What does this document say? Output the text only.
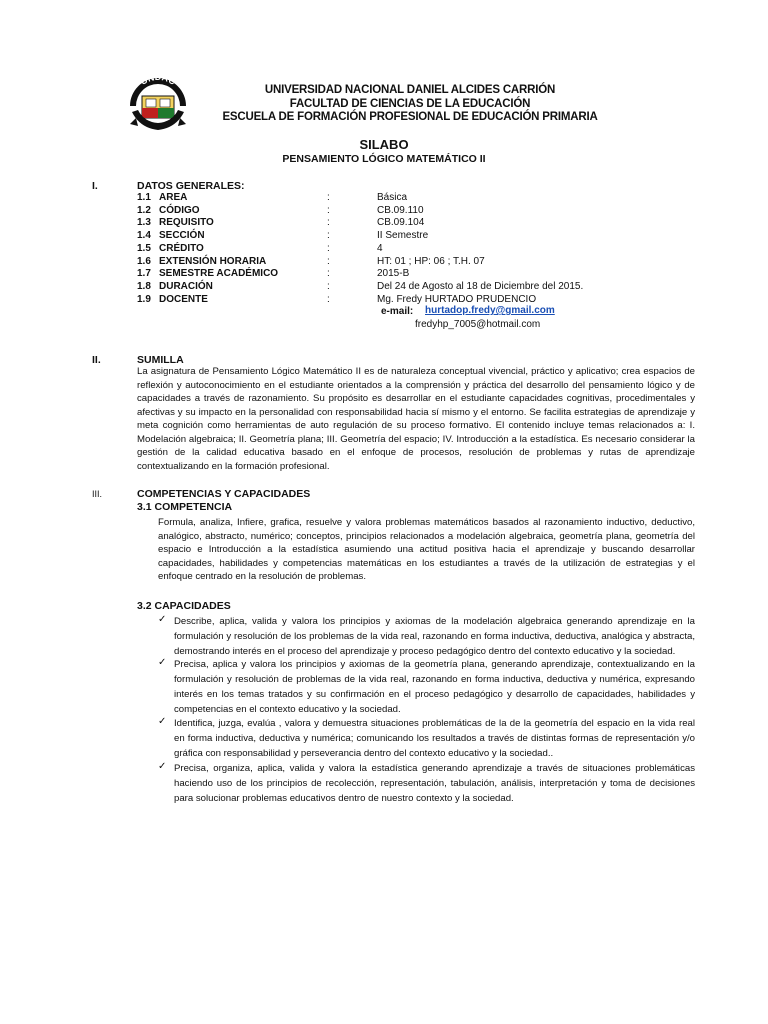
UNDAC
UNIVERSIDAD NACIONAL DANIEL ALCIDES CARRIÓN
FACULTAD DE CIENCIAS DE LA EDUCACIÓN
ESCUELA DE FORMACIÓN PROFESIONAL DE EDUCACIÓN PRIMARIA
SILABO
PENSAMIENTO LÓGICO MATEMÁTICO II
I.	DATOS GENERALES:
1.1 AREA	:	Básica
1.2 CÓDIGO	:	CB.09.110
1.3 REQUISITO	:	CB.09.104
1.4 SECCIÓN	:	II Semestre
1.5 CRÉDITO	:	4
1.6 EXTENSIÓN HORARIA	:	HT: 01 ; HP: 06 ; T.H. 07
1.7 SEMESTRE ACADÉMICO	:	2015-B
1.8 DURACIÓN	:	Del 24 de Agosto al 18 de Diciembre del 2015.
1.9 DOCENTE	:	Mg. Fredy HURTADO PRUDENCIO
e-mail: hurtadop.fredy@gmail.com
fredyhp_7005@hotmail.com
II.	SUMILLA
La asignatura de Pensamiento Lógico Matemático II es de naturaleza conceptual vivencial, práctico y aplicativo; crea espacios de reflexión y autoconocimiento en el estudiante orientados a la comprensión y práctica del desarrollo del pensamiento lógico y de capacidades a través de razonamiento. Su propósito es desarrollar en el estudiante capacidades cognitivas, procedimentales y afectivas y su impacto en la personalidad con responsabilidad hacia sí mismo y el entorno. Se facilita estrategias de aprendizaje y meta cognición como herramientas de auto regulación de su proceso formativo. El contenido incluye temas relacionados a: I. Modelación algebraica; II. Geometría plana; III. Geometría del espacio; IV. Introducción a la estadística. Es necesario considerar la gestión de la calidad educativa basado en el enfoque de procesos, resolución de problemas y rutas de aprendizaje contextualizando en la formación profesional.
III.	COMPETENCIAS Y CAPACIDADES
3.1 COMPETENCIA
Formula, analiza, Infiere, grafica, resuelve y valora problemas matemáticos basados al razonamiento inductivo, deductivo, analógico, abstracto, numérico; conceptos, principios relacionados a modelación algebraica, geometría plana, geometría del espacio e Introducción a la estadística asumiendo una actitud positiva hacia el aprendizaje y buscando desarrollar capacidades, habilidades y competencias matemáticas en los estudiantes a través de la utilización de estrategias y el enfoque centrado en la resolución de problemas.
3.2 CAPACIDADES
✓ Describe, aplica, valida y valora los principios y axiomas de la modelación algebraica generando aprendizaje en la formulación y resolución de los problemas de la vida real, razonando en forma inductiva, deductiva, analógica y abstracta, demostrando interés en el proceso del aprendizaje y proceso pedagógico dentro del contexto educativo y la sociedad.
✓ Precisa, aplica y valora los principios y axiomas de la geometría plana, generando aprendizaje, contextualizando en la formulación y resolución de problemas de la vida real, razonando en forma inductiva, deductiva y numérica, expresando interés en los temas tratados y su confirmación en el proceso pedagógico y desarrollo de capacidades, habilidades y competencias en el contexto educativo y la sociedad.
✓ Identifica, juzga, evalúa , valora y demuestra situaciones problemáticas de la de la geometría del espacio en la vida real en forma inductiva, deductiva y numérica; comunicando los resultados a través de distintas formas de representación y/o gráfica con responsabilidad y perseverancia dentro del contexto educativo y la sociedad..
✓ Precisa, organiza, aplica, valida y valora la estadística generando aprendizaje a través de situaciones problemáticas haciendo uso de los principios de recolección, representación, tabulación, análisis, interpretación y toma de decisiones para solucionar problemas educativos dentro de nuestro contexto y la sociedad.
